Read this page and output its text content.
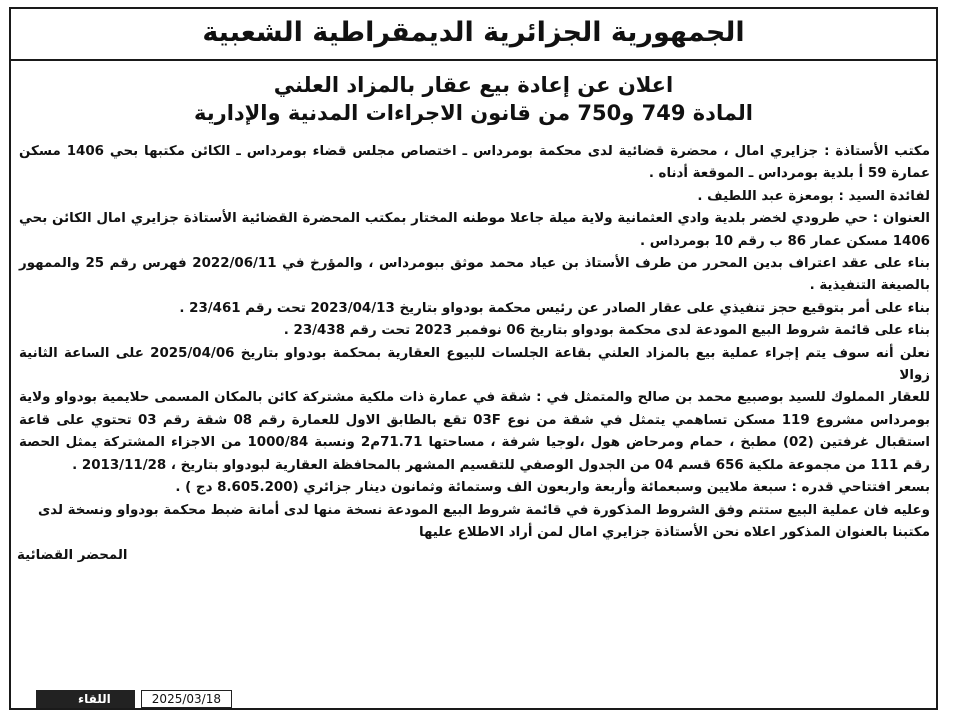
الجمهورية الجزائرية الديمقراطية الشعبية
اعلان عن إعادة بيع عقار بالمزاد العلني
المادة 749 و750 من قانون الاجراءات المدنية والإدارية

مكتب الأستاذة : جزايري امال ، محضرة قضائية لدى محكمة بومرداس ـ اختصاص مجلس قضاء بومرداس ـ الكائن مكتبها بحي 1406 مسكن عمارة 59 أ بلدية بومرداس ـ الموقعة أدناه .

لفائدة السيد : بومعزة عبد اللطيف .

العنوان : حي طرودي لخضر بلدية وادي العثمانية ولاية ميلة جاعلا موطنه المختار بمكتب المحضرة القضائية الأستاذة جزايري امال الكائن بحي 1406 مسكن عمار 86 ب رقم 10 بومرداس .

بناء على عقد اعتراف بدين المحرر من طرف الأستاذ بن عياد محمد موثق ببومرداس ، والمؤرخ في 2022/06/11 فهرس رقم 25 والممهور بالصيغة التنفيذية .

بناء على أمر بتوقيع حجز تنفيذي على عقار الصادر عن رئيس محكمة بودواو بتاريخ 2023/04/13 تحت رقم 23/461 .

بناء على قائمة شروط البيع المودعة لدى محكمة بودواو بتاريخ 06 نوفمبر 2023 تحت رقم 23/438 .

نعلن أنه سوف يتم إجراء عملية بيع بالمزاد العلني بقاعة الجلسات للبيوع العقارية بمحكمة بودواو بتاريخ 2025/04/06 على الساعة الثانية زوالا

للعقار المملوك للسيد بوصبيع محمد بن صالح والمتمثل في : شقة في عمارة ذات ملكية مشتركة كائن بالمكان المسمى حلايمية بودواو ولاية بومرداس مشروع 119 مسكن تساهمي يتمثل في شقة من نوع 03F تقع بالطابق الاول للعمارة رقم 08 شقة رقم 03 تحتوي على قاعة استقبال غرفتين (02) مطبخ ، حمام ومرحاض هول ،لوجيا شرفة ، مساحتها 71.71م2 ونسبة 1000/84 من الاجزاء المشتركة يمثل الحصة رقم 111 من مجموعة ملكية 656 قسم 04 من الجدول الوصفي للتقسيم المشهر بالمحافظة العقارية لبودواو بتاريخ ، 2013/11/28 .

بسعر افتتاحي قدره : سبعة ملايين وسبعمائة وأربعة واربعون الف وستمائة وثمانون دينار جزائري (8.605.200 دج ) .

وعليه فان عملية البيع ستتم وفق الشروط المذكورة في قائمة شروط البيع المودعة نسخة منها لدى أمانة ضبط محكمة بودواو ونسخة لدى مكتبنا بالعنوان المذكور اعلاه نحن الأستاذة جزايري امال لمن أراد الاطلاع عليها

المحضر القضائية
اللقاء	2025/03/18
